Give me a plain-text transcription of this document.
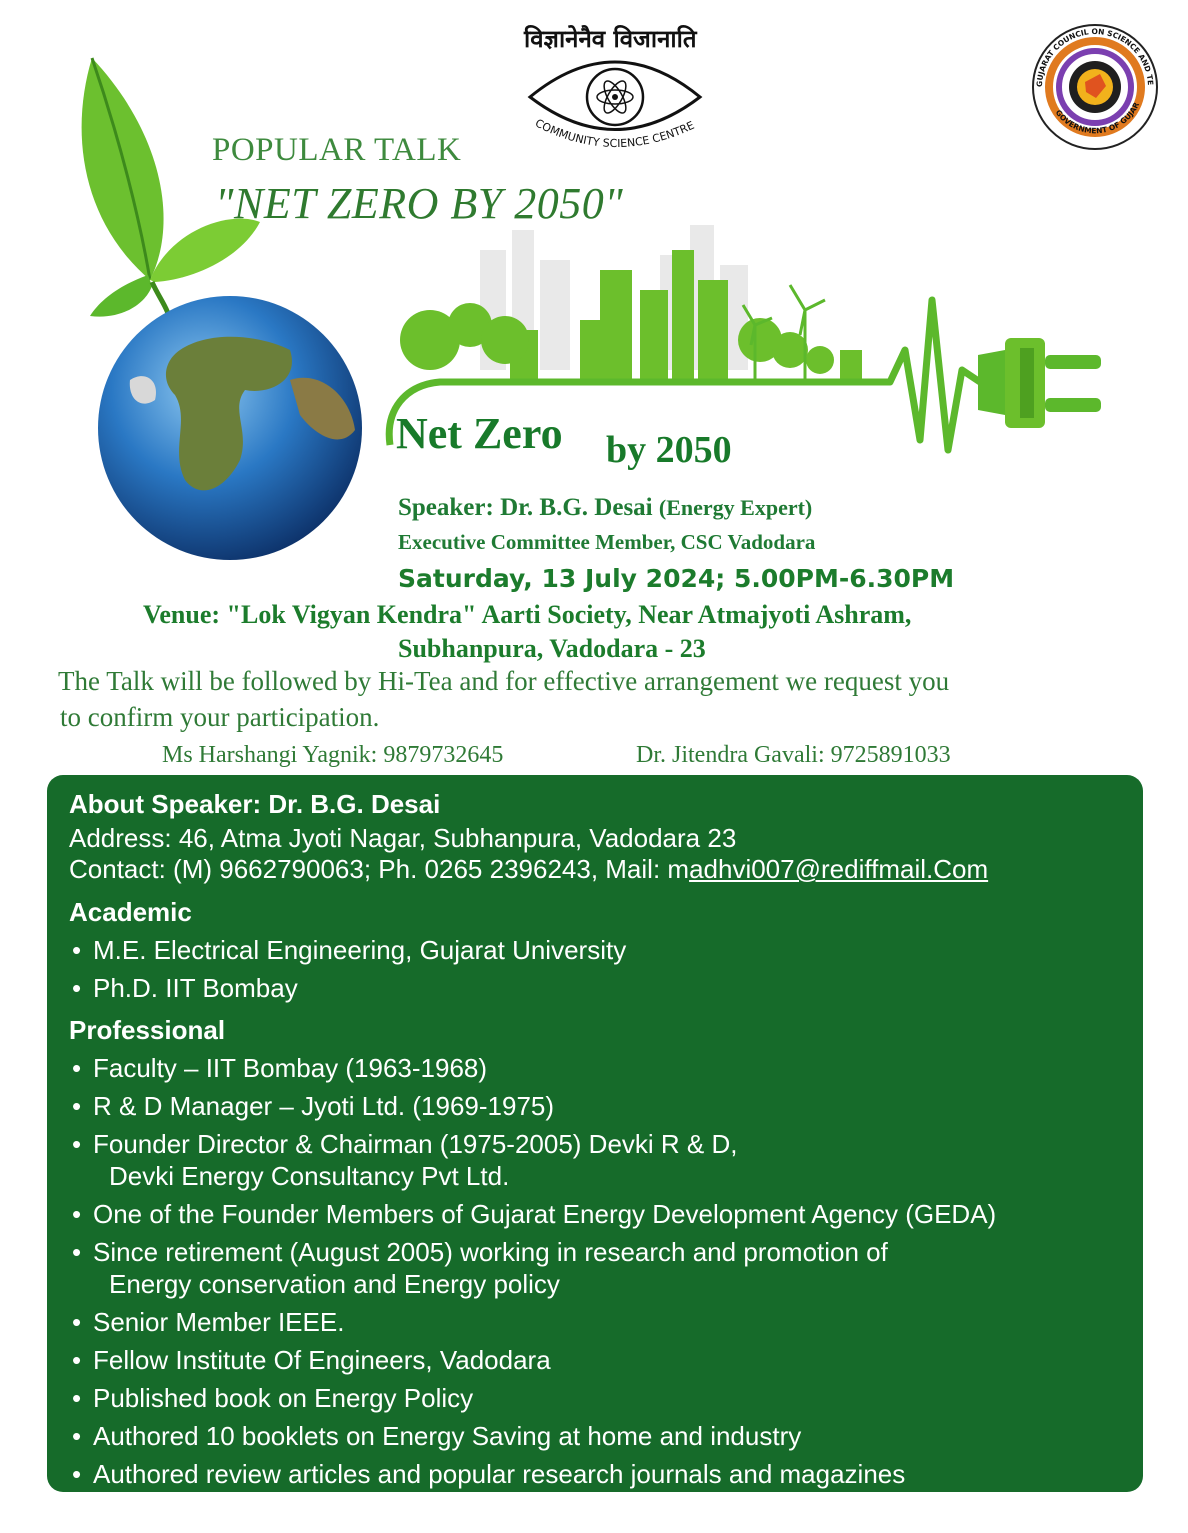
विज्ञानेनैव विजानाति
COMMUNITY SCIENCE CENTRE
GUJARAT COUNCIL ON SCIENCE AND TE
GOVERNMENT OF GUJAR
POPULAR TALK
"NET ZERO BY 2050"
Net Zero by 2050
Speaker: Dr. B.G. Desai (Energy Expert)
Executive Committee Member, CSC Vadodara
Saturday, 13 July 2024; 5.00PM-6.30PM
Venue: "Lok Vigyan Kendra" Aarti Society, Near Atmajyoti Ashram,
Subhanpura, Vadodara - 23
The Talk will be followed by Hi-Tea and for effective arrangement we request you
to confirm your participation.
Ms Harshangi Yagnik: 9879732645	Dr. Jitendra Gavali: 9725891033
About Speaker: Dr. B.G. Desai
Address: 46, Atma Jyoti Nagar, Subhanpura, Vadodara 23
Contact: (M) 9662790063; Ph. 0265 2396243, Mail: madhvi007@rediffmail.Com
Academic
• M.E. Electrical Engineering, Gujarat University
• Ph.D. IIT Bombay
Professional
• Faculty – IIT Bombay (1963-1968)
• R & D Manager – Jyoti Ltd. (1969-1975)
• Founder Director & Chairman (1975-2005) Devki R & D,
Devki Energy Consultancy Pvt Ltd.
• One of the Founder Members of Gujarat Energy Development Agency (GEDA)
• Since retirement (August 2005) working in research and promotion of
Energy conservation and Energy policy
• Senior Member IEEE.
• Fellow Institute Of Engineers, Vadodara
• Published book on Energy Policy
• Authored 10 booklets on Energy Saving at home and industry
• Authored review articles and popular research journals and magazines
